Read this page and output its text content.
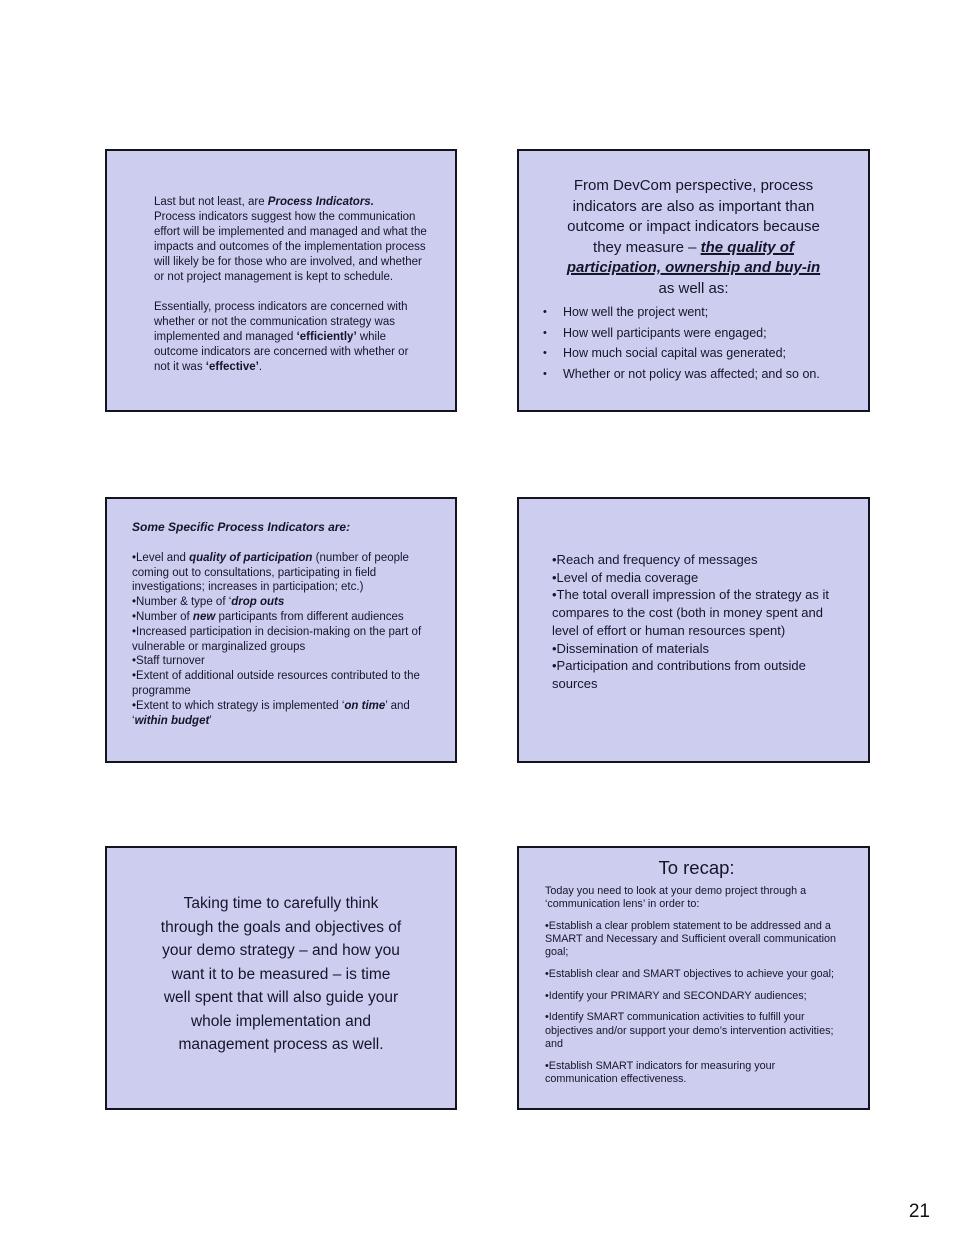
Last but not least, are Process Indicators.
Process indicators suggest how the communication effort will be implemented and managed and what the impacts and outcomes of the implementation process will likely be for those who are involved, and whether or not project management is kept to schedule.
Essentially, process indicators are concerned with whether or not the communication strategy was implemented and managed ‘efficiently’ while outcome indicators are concerned with whether or not it was ‘effective’.
From DevCom perspective, process
indicators are also as important than
outcome or impact indicators because
they measure – the quality of
participation, ownership and buy-in
as well as:
•	How well the project went;
•	How well participants were engaged;
•	How much social capital was generated;
•	Whether or not policy was affected; and so on.
Some Specific Process Indicators are:
•Level and quality of participation (number of people coming out to consultations, participating in field investigations; increases in participation; etc.)
•Number & type of ‘drop outs
•Number of new participants from different audiences
•Increased participation in decision-making on the part of vulnerable or marginalized groups
•Staff turnover
•Extent of additional outside resources contributed to the programme
•Extent to which strategy is implemented ‘on time’ and ‘within budget’
•Reach and frequency of messages
•Level of media coverage
•The total overall impression of the strategy as it compares to the cost (both in money spent and level of effort or human resources spent)
•Dissemination of materials
•Participation and contributions from outside sources
Taking time to carefully think
through the goals and objectives of
your demo strategy – and how you
want it to be measured – is time
well spent that will also guide your
whole implementation and
management process as well.
To recap:
Today you need to look at your demo project through a ‘communication lens’ in order to:
•Establish a clear problem statement to be addressed and a SMART and Necessary and Sufficient overall communication goal;
•Establish clear and SMART objectives to achieve your goal;
•Identify your PRIMARY and SECONDARY audiences;
•Identify SMART communication activities to fulfill your objectives and/or support your demo’s intervention activities; and
•Establish SMART indicators for measuring your communication effectiveness.
21
